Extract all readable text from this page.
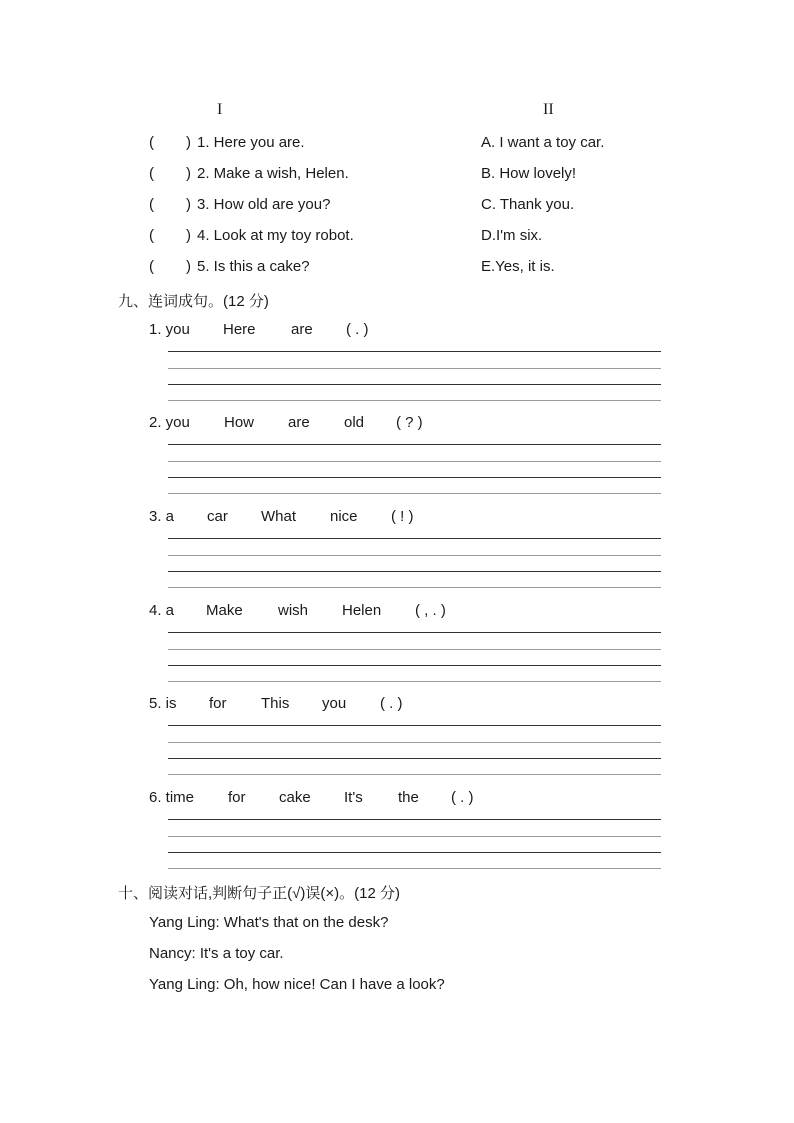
I	II
( ) 1. Here you are.	A. I want a toy car.
( ) 2. Make a wish, Helen.	B. How lovely!
( ) 3. How old are you?	C. Thank you.
( ) 4. Look at my toy robot.	D.I'm six.
( ) 5. Is this a cake?	E.Yes, it is.
九、连词成句。(12 分)
1. you Here are ( . )
2. you How are old ( ? )
3. a car What nice ( ! )
4. a Make wish Helen ( , . )
5. is for This you ( . )
6. time for cake It's the ( . )
十、阅读对话,判断句子正(√)误(×)。(12 分)
Yang Ling: What's that on the desk?
Nancy: It's a toy car.
Yang Ling: Oh, how nice! Can I have a look?
